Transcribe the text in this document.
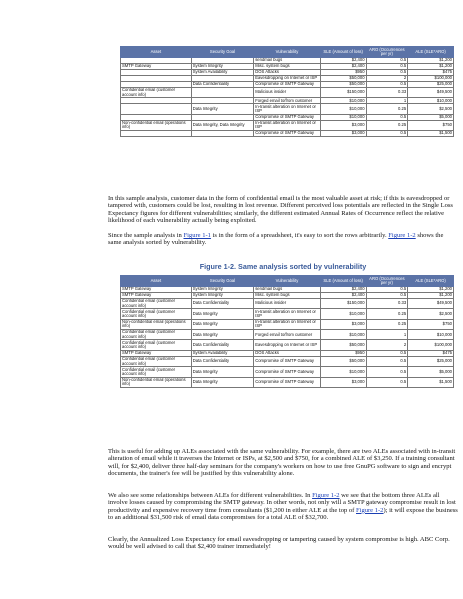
Asset	Security Goal	Vulnerability	SLE (Amount of loss)	ARO (Occurrences per yr)	ALE (SLE*ARO)
		sendmail bugs	$2,400	0.5	$1,200
SMTP Gateway	System Integrity	Misc. system bugs	$2,400	0.5	$1,200
	System Availability	DOS Attacks	$950	0.5	$475
		Eavesdropping on Internet or ISP	$50,000	2	$100,000
	Data Confidentiality	Compromise of SMTP Gateway	$50,000	0.5	$25,000
Confidential email (customer account info)		Malicious insider	$150,000	0.33	$49,500
		Forged email to/from customer	$10,000	1	$10,000
	Data Integrity	In-transit alteration on Internet or ISP	$10,000	0.25	$2,500
		Compromise of SMTP Gateway	$10,000	0.5	$5,000
Non-confidential email (operations info)	Data Integrity, Data Integrity	In-transit alteration on Internet or ISP	$3,000	0.25	$750
		Compromise of SMTP Gateway	$3,000	0.5	$1,500

In this sample analysis, customer data in the form of confidential email is the most valuable asset at risk; if this is eavesdropped or tampered with, customers could be lost, resulting in lost revenue. Different perceived loss potentials are reflected in the Single Loss Expectancy figures for different vulnerabilities; similarly, the different estimated Annual Rates of Occurrence reflect the relative likelihood of each vulnerability actually being exploited.

Since the sample analysis in Figure 1-1 is in the form of a spreadsheet, it's easy to sort the rows arbitrarily. Figure 1-2 shows the same analysis sorted by vulnerability.

Figure 1-2. Same analysis sorted by vulnerability

Asset	Security Goal	Vulnerability	SLE (Amount of loss)	ARO (Occurrences per yr)	ALE (SLE*ARO)
SMTP Gateway	System Integrity	sendmail bugs	$2,400	0.5	$1,200
SMTP Gateway	System Integrity	Misc. system bugs	$2,400	0.5	$1,200
Confidential email (customer account info)	Data Confidentiality	Malicious insider	$150,000	0.33	$49,500
Confidential email (customer account info)	Data Integrity	In-transit alteration on Internet or ISP	$10,000	0.25	$2,500
Non-confidential email (operations info)	Data Integrity	In-transit alteration on Internet or ISP	$3,000	0.25	$750
Confidential email (customer account info)	Data Integrity	Forged email to/from customer	$10,000	1	$10,000
Confidential email (customer account info)	Data Confidentiality	Eavesdropping on Internet or ISP	$50,000	2	$100,000
SMTP Gateway	System Availability	DOS Attacks	$950	0.5	$475
Confidential email (customer account info)	Data Confidentiality	Compromise of SMTP Gateway	$50,000	0.5	$25,000
Confidential email (customer account info)	Data Integrity	Compromise of SMTP Gateway	$10,000	0.5	$5,000
Non-confidential email (operations info)	Data Integrity	Compromise of SMTP Gateway	$3,000	0.5	$1,500

This is useful for adding up ALEs associated with the same vulnerability. For example, there are two ALEs associated with in-transit alteration of email while it traverses the Internet or ISPs, at $2,500 and $750, for a combined ALE of $3,250. If a training consultant will, for $2,400, deliver three half-day seminars for the company's workers on how to use free GnuPG software to sign and encrypt documents, the trainer's fee will be justified by this vulnerability alone.

We also see some relationships between ALEs for different vulnerabilities. In Figure 1-2 we see that the bottom three ALEs all involve losses caused by compromising the SMTP gateway. In other words, not only will a SMTP gateway compromise result in lost productivity and expensive recovery time from consultants ($1,200 in either ALE at the top of Figure 1-2); it will expose the business to an additional $31,500 risk of email data compromises for a total ALE of $32,700.

Clearly, the Annualized Loss Expectancy for email eavesdropping or tampering caused by system compromise is high. ABC Corp. would be well advised to call that $2,400 trainer immediately!
